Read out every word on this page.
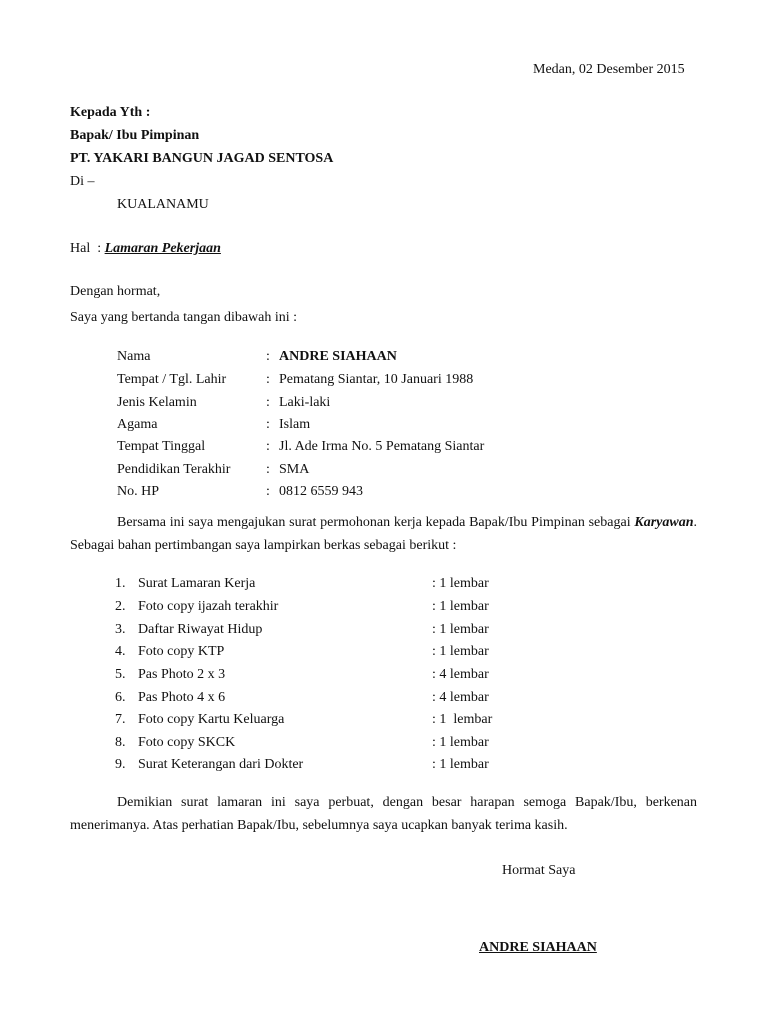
Medan, 02 Desember 2015
Kepada Yth :
Bapak/ Ibu Pimpinan
PT. YAKARI BANGUN JAGAD SENTOSA
Di –
KUALANAMU
Hal  : Lamaran Pekerjaan
Dengan hormat,
Saya yang bertanda tangan dibawah ini :
Nama	: ANDRE SIAHAAN
Tempat / Tgl. Lahir	: Pematang Siantar, 10 Januari 1988
Jenis Kelamin	: Laki-laki
Agama	: Islam
Tempat Tinggal	: Jl. Ade Irma No. 5 Pematang Siantar
Pendidikan Terakhir	: SMA
No. HP	: 0812 6559 943
Bersama ini saya mengajukan surat permohonan kerja kepada Bapak/Ibu Pimpinan sebagai Karyawan. Sebagai bahan pertimbangan saya lampirkan berkas sebagai berikut :
1. Surat Lamaran Kerja	: 1 lembar
2. Foto copy ijazah terakhir	: 1 lembar
3. Daftar Riwayat Hidup	: 1 lembar
4. Foto copy KTP	: 1 lembar
5. Pas Photo 2 x 3	: 4 lembar
6. Pas Photo 4 x 6	: 4 lembar
7. Foto copy Kartu Keluarga	: 1  lembar
8. Foto copy SKCK	: 1 lembar
9. Surat Keterangan dari Dokter	: 1 lembar
Demikian surat lamaran ini saya perbuat, dengan besar harapan semoga Bapak/Ibu, berkenan menerimanya. Atas perhatian Bapak/Ibu, sebelumnya saya ucapkan banyak terima kasih.
Hormat Saya
ANDRE SIAHAAN
